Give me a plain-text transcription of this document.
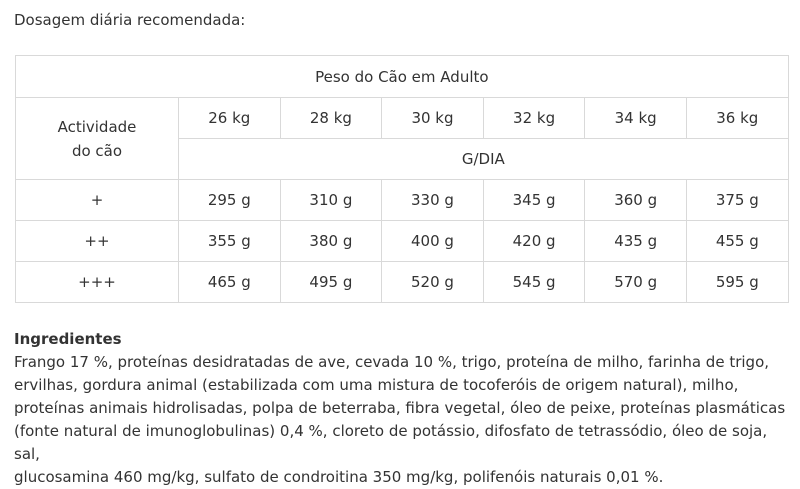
Dosagem diária recomendada:
Peso do Cão em Adulto						
Actividade
do cão	26 kg	28 kg	30 kg	32 kg	34 kg	36 kg
	G/DIA					
+	295 g	310 g	330 g	345 g	360 g	375 g
++	355 g	380 g	400 g	420 g	435 g	455 g
+++	465 g	495 g	520 g	545 g	570 g	595 g
Ingredientes
Frango 17 %, proteínas desidratadas de ave, cevada 10 %, trigo, proteína de milho, farinha de trigo,
ervilhas, gordura animal (estabilizada com uma mistura de tocoferóis de origem natural), milho,
proteínas animais hidrolisadas, polpa de beterraba, fibra vegetal, óleo de peixe, proteínas plasmáticas
(fonte natural de imunoglobulinas) 0,4 %, cloreto de potássio, difosfato de tetrassódio, óleo de soja, sal,
glucosamina 460 mg/kg, sulfato de condroitina 350 mg/kg, polifenóis naturais 0,01 %.
